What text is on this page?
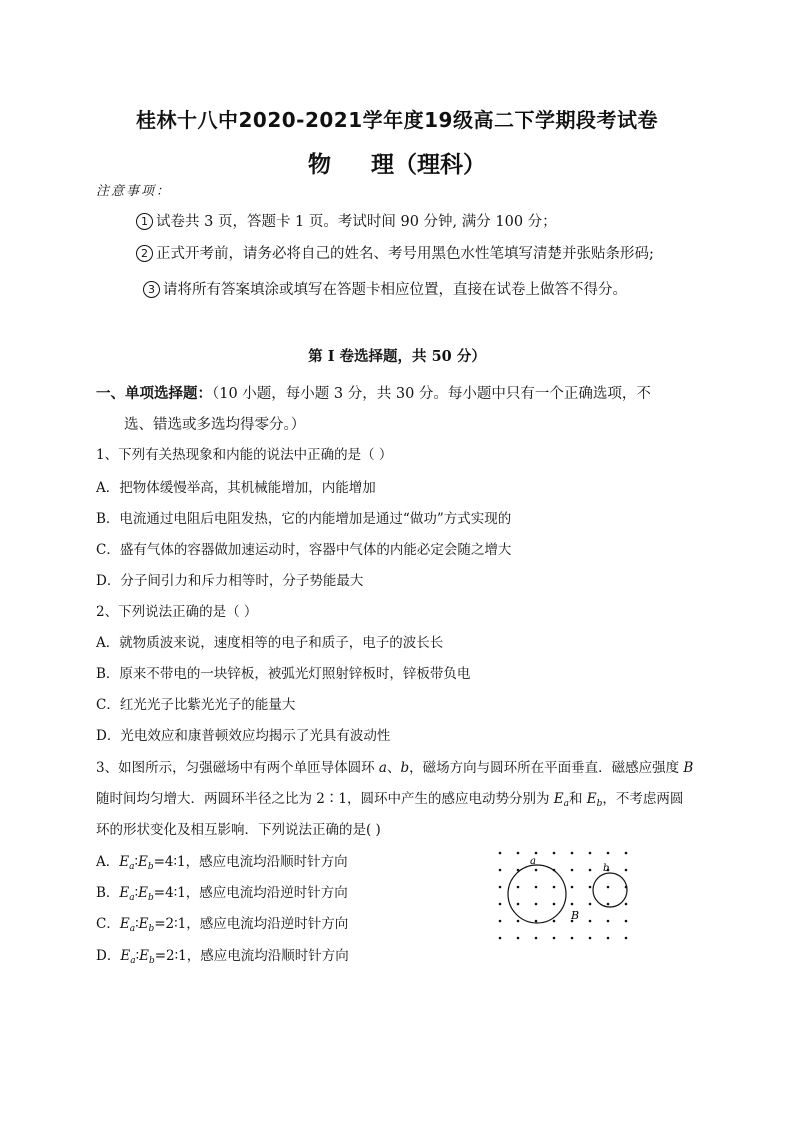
桂林十八中2020-2021学年度19级高二下学期段考试卷
物 理（理科）
注意事项：
1 试卷共 3 页，答题卡 1 页。考试时间 90 分钟, 满分 100 分；
2 正式开考前，请务必将自己的姓名、考号用黑色水性笔填写清楚并张贴条形码;
3 请将所有答案填涂或填写在答题卡相应位置，直接在试卷上做答不得分。
第 I 卷选择题，共 50 分）
一、单项选择题：（10 小题，每小题 3 分，共 30 分。每小题中只有一个正确选项，不
选、错选或多选均得零分。）
1、下列有关热现象和内能的说法中正确的是（ ）
A．把物体缓慢举高，其机械能增加，内能增加
B．电流通过电阻后电阻发热，它的内能增加是通过“做功”方式实现的
C．盛有气体的容器做加速运动时，容器中气体的内能必定会随之增大
D．分子间引力和斥力相等时，分子势能最大
2、下列说法正确的是（ ）
A．就物质波来说，速度相等的电子和质子，电子的波长长
B．原来不带电的一块锌板，被弧光灯照射锌板时，锌板带负电
C．红光光子比紫光光子的能量大
D．光电效应和康普顿效应均揭示了光具有波动性
3、如图所示，匀强磁场中有两个单匝导体圆环 a、b，磁场方向与圆环所在平面垂直．磁感应强度 B
随时间均匀增大．两圆环半径之比为 2∶1，圆环中产生的感应电动势分别为 $E_a$和 $E_b$，不考虑两圆
环的形状变化及相互影响．下列说法正确的是( )
A．$E_a∶E_b=4∶1$，感应电流均沿顺时针方向
B．$E_a∶E_b=4∶1$，感应电流均沿逆时针方向
C．$E_a∶E_b=2∶1$，感应电流均沿逆时针方向
D．$E_a∶E_b=2∶1$，感应电流均沿顺时针方向
a
b
B
